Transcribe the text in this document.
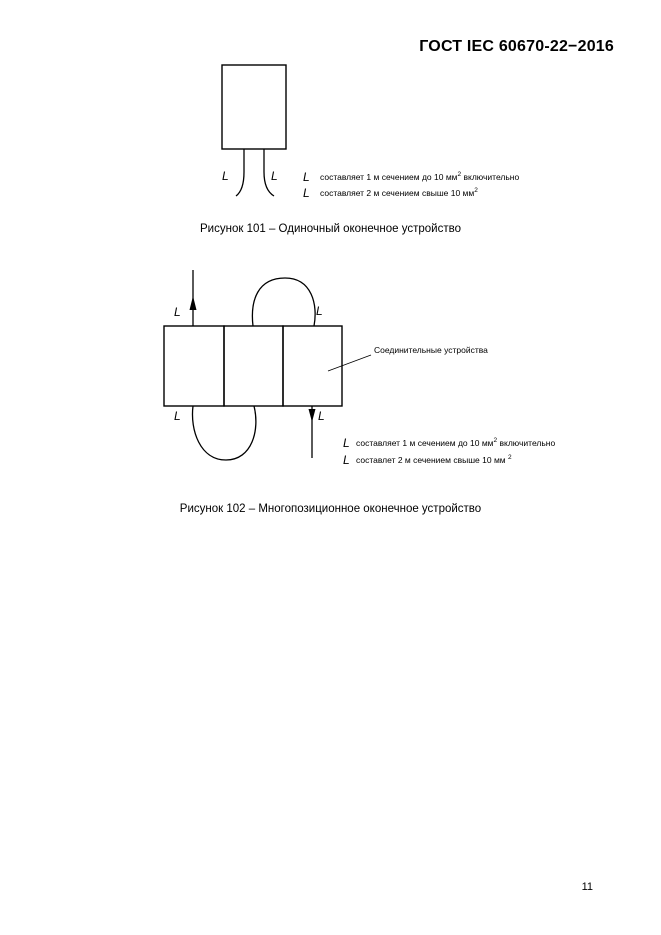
ГОСТ IEC 60670-22−2016
L	L L составляет 1 м сечением до 10 $мм^2$ включительно
L составляет 2 м сечением свыше 10 $мм^2$
L	L
L	L
Соединительные устройства
L составляет 1 м сечением до 10 $мм^2$ включительно
L составлет 2 м сечением свыше 10 мм $^2$
Рисунок 101 – Одиночный оконечное устройство
Рисунок 102 – Многопозиционное оконечное устройство
11
